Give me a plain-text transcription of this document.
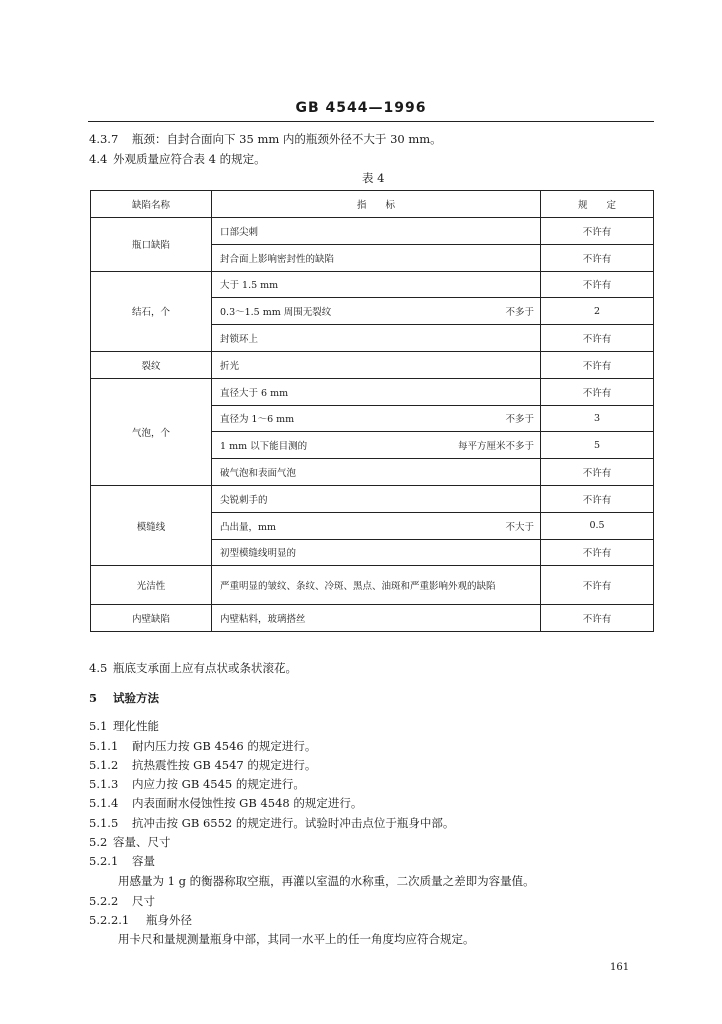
GB 4544—1996
4.3.7 瓶颈：自封合面向下 35 mm 内的瓶颈外径不大于 30 mm。
4.4 外观质量应符合表 4 的规定。
表 4
缺陷名称	指　　标	规　　定
瓶口缺陷	口部尖刺	不许有
	封合面上影响密封性的缺陷	不许有
结石，个	大于 1.5 mm	不许有
	0.3～1.5 mm 周围无裂纹 不多于	2
	封锁环上	不许有
裂纹	折光	不许有
气泡，个	直径大于 6 mm	不许有
	直径为 1～6 mm 不多于	3
	1 mm 以下能目测的 每平方厘米不多于	5
	破气泡和表面气泡	不许有
模缝线	尖锐刺手的	不许有
	凸出量，mm 不大于	0.5
	初型模缝线明显的	不许有
光洁性	严重明显的皱纹、条纹、冷斑、黑点、油斑和严重影响外观的缺陷	不许有
内壁缺陷	内壁粘料，玻璃搭丝	不许有
4.5 瓶底支承面上应有点状或条状滚花。
5 试验方法
5.1 理化性能
5.1.1 耐内压力按 GB 4546 的规定进行。
5.1.2 抗热震性按 GB 4547 的规定进行。
5.1.3 内应力按 GB 4545 的规定进行。
5.1.4 内表面耐水侵蚀性按 GB 4548 的规定进行。
5.1.5 抗冲击按 GB 6552 的规定进行。试验时冲击点位于瓶身中部。
5.2 容量、尺寸
5.2.1 容量
用感量为 1 g 的衡器称取空瓶，再灌以室温的水称重，二次质量之差即为容量值。
5.2.2 尺寸
5.2.2.1 瓶身外径
用卡尺和量规测量瓶身中部，其同一水平上的任一角度均应符合规定。
161
